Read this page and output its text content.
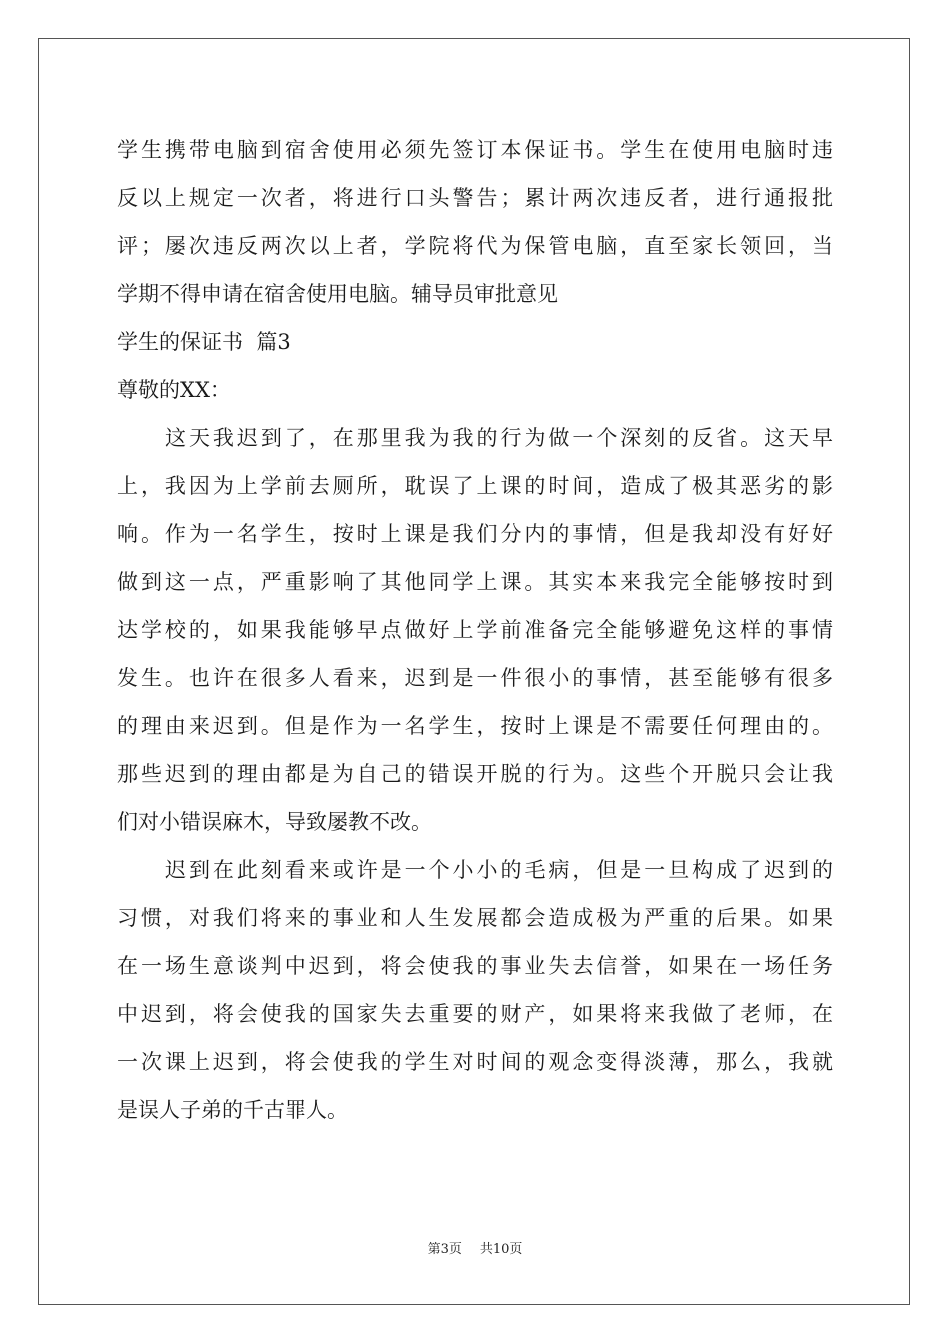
学生携带电脑到宿舍使用必须先签订本保证书。学生在使用电脑时违
反以上规定一次者，将进行口头警告；累计两次违反者，进行通报批
评；屡次违反两次以上者，学院将代为保管电脑，直至家长领回，当
学期不得申请在宿舍使用电脑。辅导员审批意见
学生的保证书  篇3
尊敬的XX：
这天我迟到了，在那里我为我的行为做一个深刻的反省。这天早
上，我因为上学前去厕所，耽误了上课的时间，造成了极其恶劣的影
响。作为一名学生，按时上课是我们分内的事情，但是我却没有好好
做到这一点，严重影响了其他同学上课。其实本来我完全能够按时到
达学校的，如果我能够早点做好上学前准备完全能够避免这样的事情
发生。也许在很多人看来，迟到是一件很小的事情，甚至能够有很多
的理由来迟到。但是作为一名学生，按时上课是不需要任何理由的。
那些迟到的理由都是为自己的错误开脱的行为。这些个开脱只会让我
们对小错误麻木，导致屡教不改。
迟到在此刻看来或许是一个小小的毛病，但是一旦构成了迟到的
习惯，对我们将来的事业和人生发展都会造成极为严重的后果。如果
在一场生意谈判中迟到，将会使我的事业失去信誉，如果在一场任务
中迟到，将会使我的国家失去重要的财产，如果将来我做了老师，在
一次课上迟到，将会使我的学生对时间的观念变得淡薄，那么，我就
是误人子弟的千古罪人。
第3页 共10页
